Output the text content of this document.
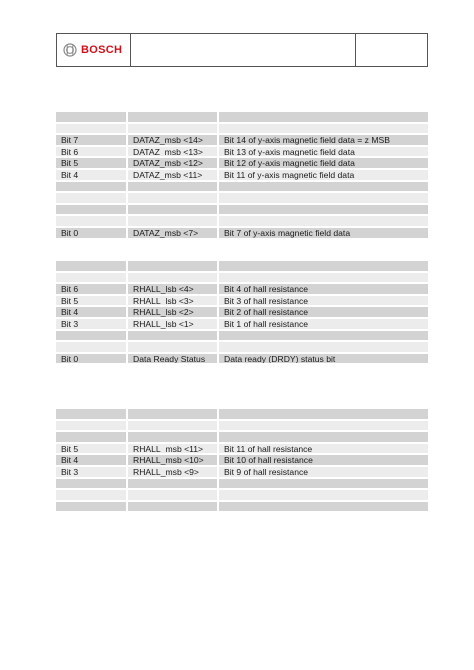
BOSCH
Bit 7	DATAZ_msb <14>	Bit 14 of y-axis magnetic field data = z MSB
Bit 6	DATAZ_msb <13>	Bit 13 of y-axis magnetic field data
Bit 5	DATAZ_msb <12>	Bit 12 of y-axis magnetic field data
Bit 4	DATAZ_msb <11>	Bit 11 of y-axis magnetic field data
Bit 0	DATAZ_msb <7>	Bit 7 of y-axis magnetic field data
Bit 6	RHALL_lsb <4>	Bit 4 of hall resistance
Bit 5	RHALL_lsb <3>	Bit 3 of hall resistance
Bit 4	RHALL_lsb <2>	Bit 2 of hall resistance
Bit 3	RHALL_lsb <1>	Bit 1 of hall resistance
Bit 0	Data Ready Status	Data ready (DRDY) status bit
Bit 5	RHALL_msb <11>	Bit 11 of hall resistance
Bit 4	RHALL_msb <10>	Bit 10 of hall resistance
Bit 3	RHALL_msb <9>	Bit 9 of hall resistance
